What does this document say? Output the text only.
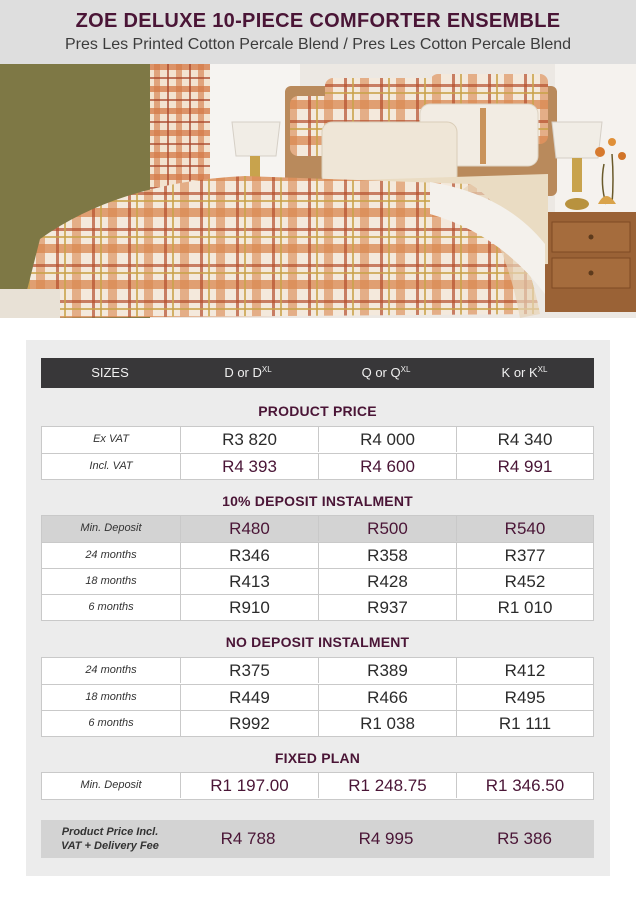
ZOE DELUXE 10-PIECE COMFORTER ENSEMBLE
Pres Les Printed Cotton Percale Blend / Pres Les Cotton Percale Blend
SIZES	D or $D^{XL}$	Q or $Q^{XL}$	K or $K^{XL}$
PRODUCT PRICE
Ex VAT	R3 820	R4 000	R4 340
Incl. VAT	R4 393	R4 600	R4 991
10% DEPOSIT INSTALMENT
Min. Deposit	R480	R500	R540
24 months	R346	R358	R377
18 months	R413	R428	R452
6 months	R910	R937	R1 010
NO DEPOSIT INSTALMENT
24 months	R375	R389	R412
18 months	R449	R466	R495
6 months	R992	R1 038	R1 111
FIXED PLAN
Min. Deposit	R1 197.00	R1 248.75	R1 346.50
Product Price Incl.
VAT + Delivery Fee	R4 788	R4 995	R5 386
